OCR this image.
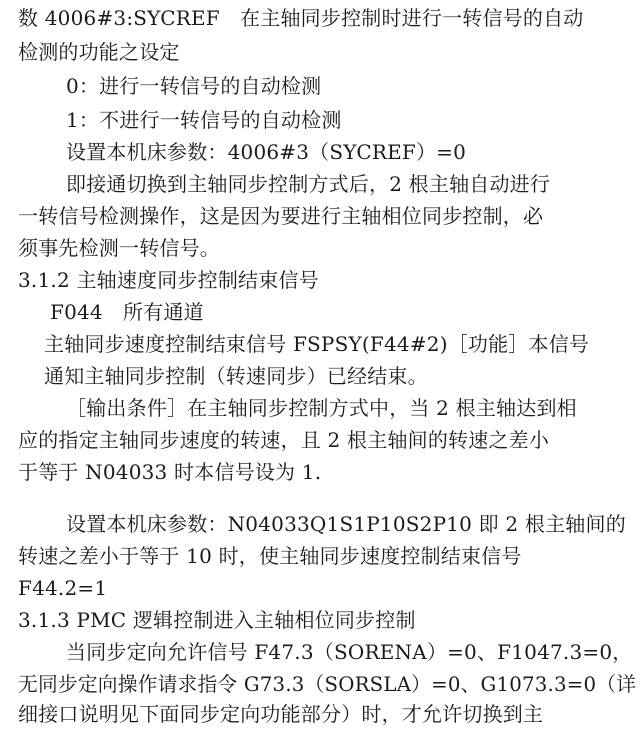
数 4006#3:SYCREF　在主轴同步控制时进行一转信号的自动
检测的功能之设定
0：进行一转信号的自动检测
1：不进行一转信号的自动检测
设置本机床参数：4006#3（SYCREF）=0
即接通切换到主轴同步控制方式后，2 根主轴自动进行
一转信号检测操作，这是因为要进行主轴相位同步控制，必
须事先检测一转信号。
3.1.2 主轴速度同步控制结束信号
F044　所有通道
主轴同步速度控制结束信号 FSPSY(F44#2)［功能］本信号
通知主轴同步控制（转速同步）已经结束。
［输出条件］在主轴同步控制方式中，当 2 根主轴达到相
应的指定主轴同步速度的转速，且 2 根主轴间的转速之差小
于等于 N04033 时本信号设为 1.
设置本机床参数：N04033Q1S1P10S2P10 即 2 根主轴间的
转速之差小于等于 10 时，使主轴同步速度控制结束信号
F44.2=1
3.1.3 PMC 逻辑控制进入主轴相位同步控制
当同步定向允许信号 F47.3（SORENA）=0、F1047.3=0，
无同步定向操作请求指令 G73.3（SORSLA）=0、G1073.3=0（详
细接口说明见下面同步定向功能部分）时，才允许切换到主
